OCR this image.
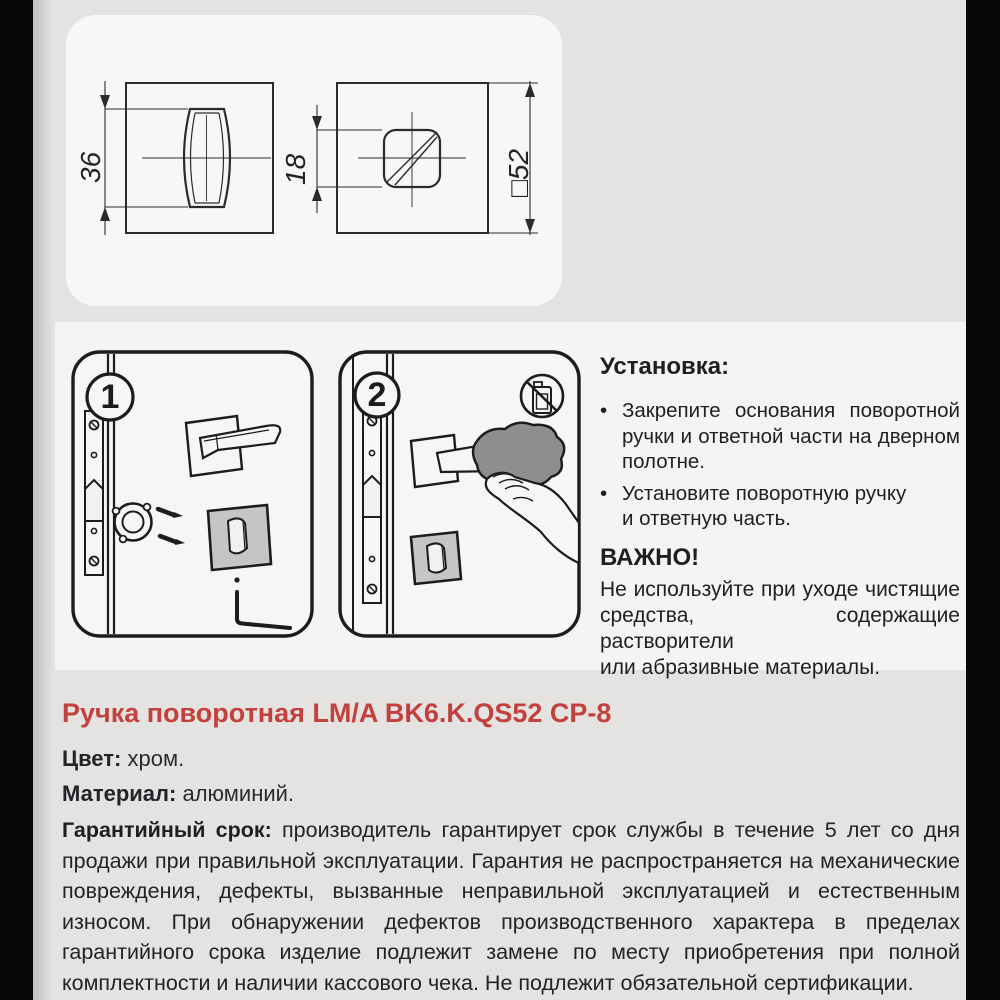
36	18	□52
1	2
Установка:
• Закрепите основания поворотной
ручки и ответной части на дверном
полотне.
• Установите поворотную ручку
и ответную часть.
ВАЖНО!
Не используйте при уходе чистящие
средства, содержащие растворители
или абразивные материалы.
Ручка поворотная LM/A BK6.K.QS52 CP-8
Цвет: хром.
Материал: алюминий.
Гарантийный срок: производитель гарантирует срок службы в течение 5 лет со дня
продажи при правильной эксплуатации. Гарантия не распространяется на механические
повреждения, дефекты, вызванные неправильной эксплуатацией и естественным
износом. При обнаружении дефектов производственного характера в пределах
гарантийного срока изделие подлежит замене по месту приобретения при полной
комплектности и наличии кассового чека. Не подлежит обязательной сертификации.
